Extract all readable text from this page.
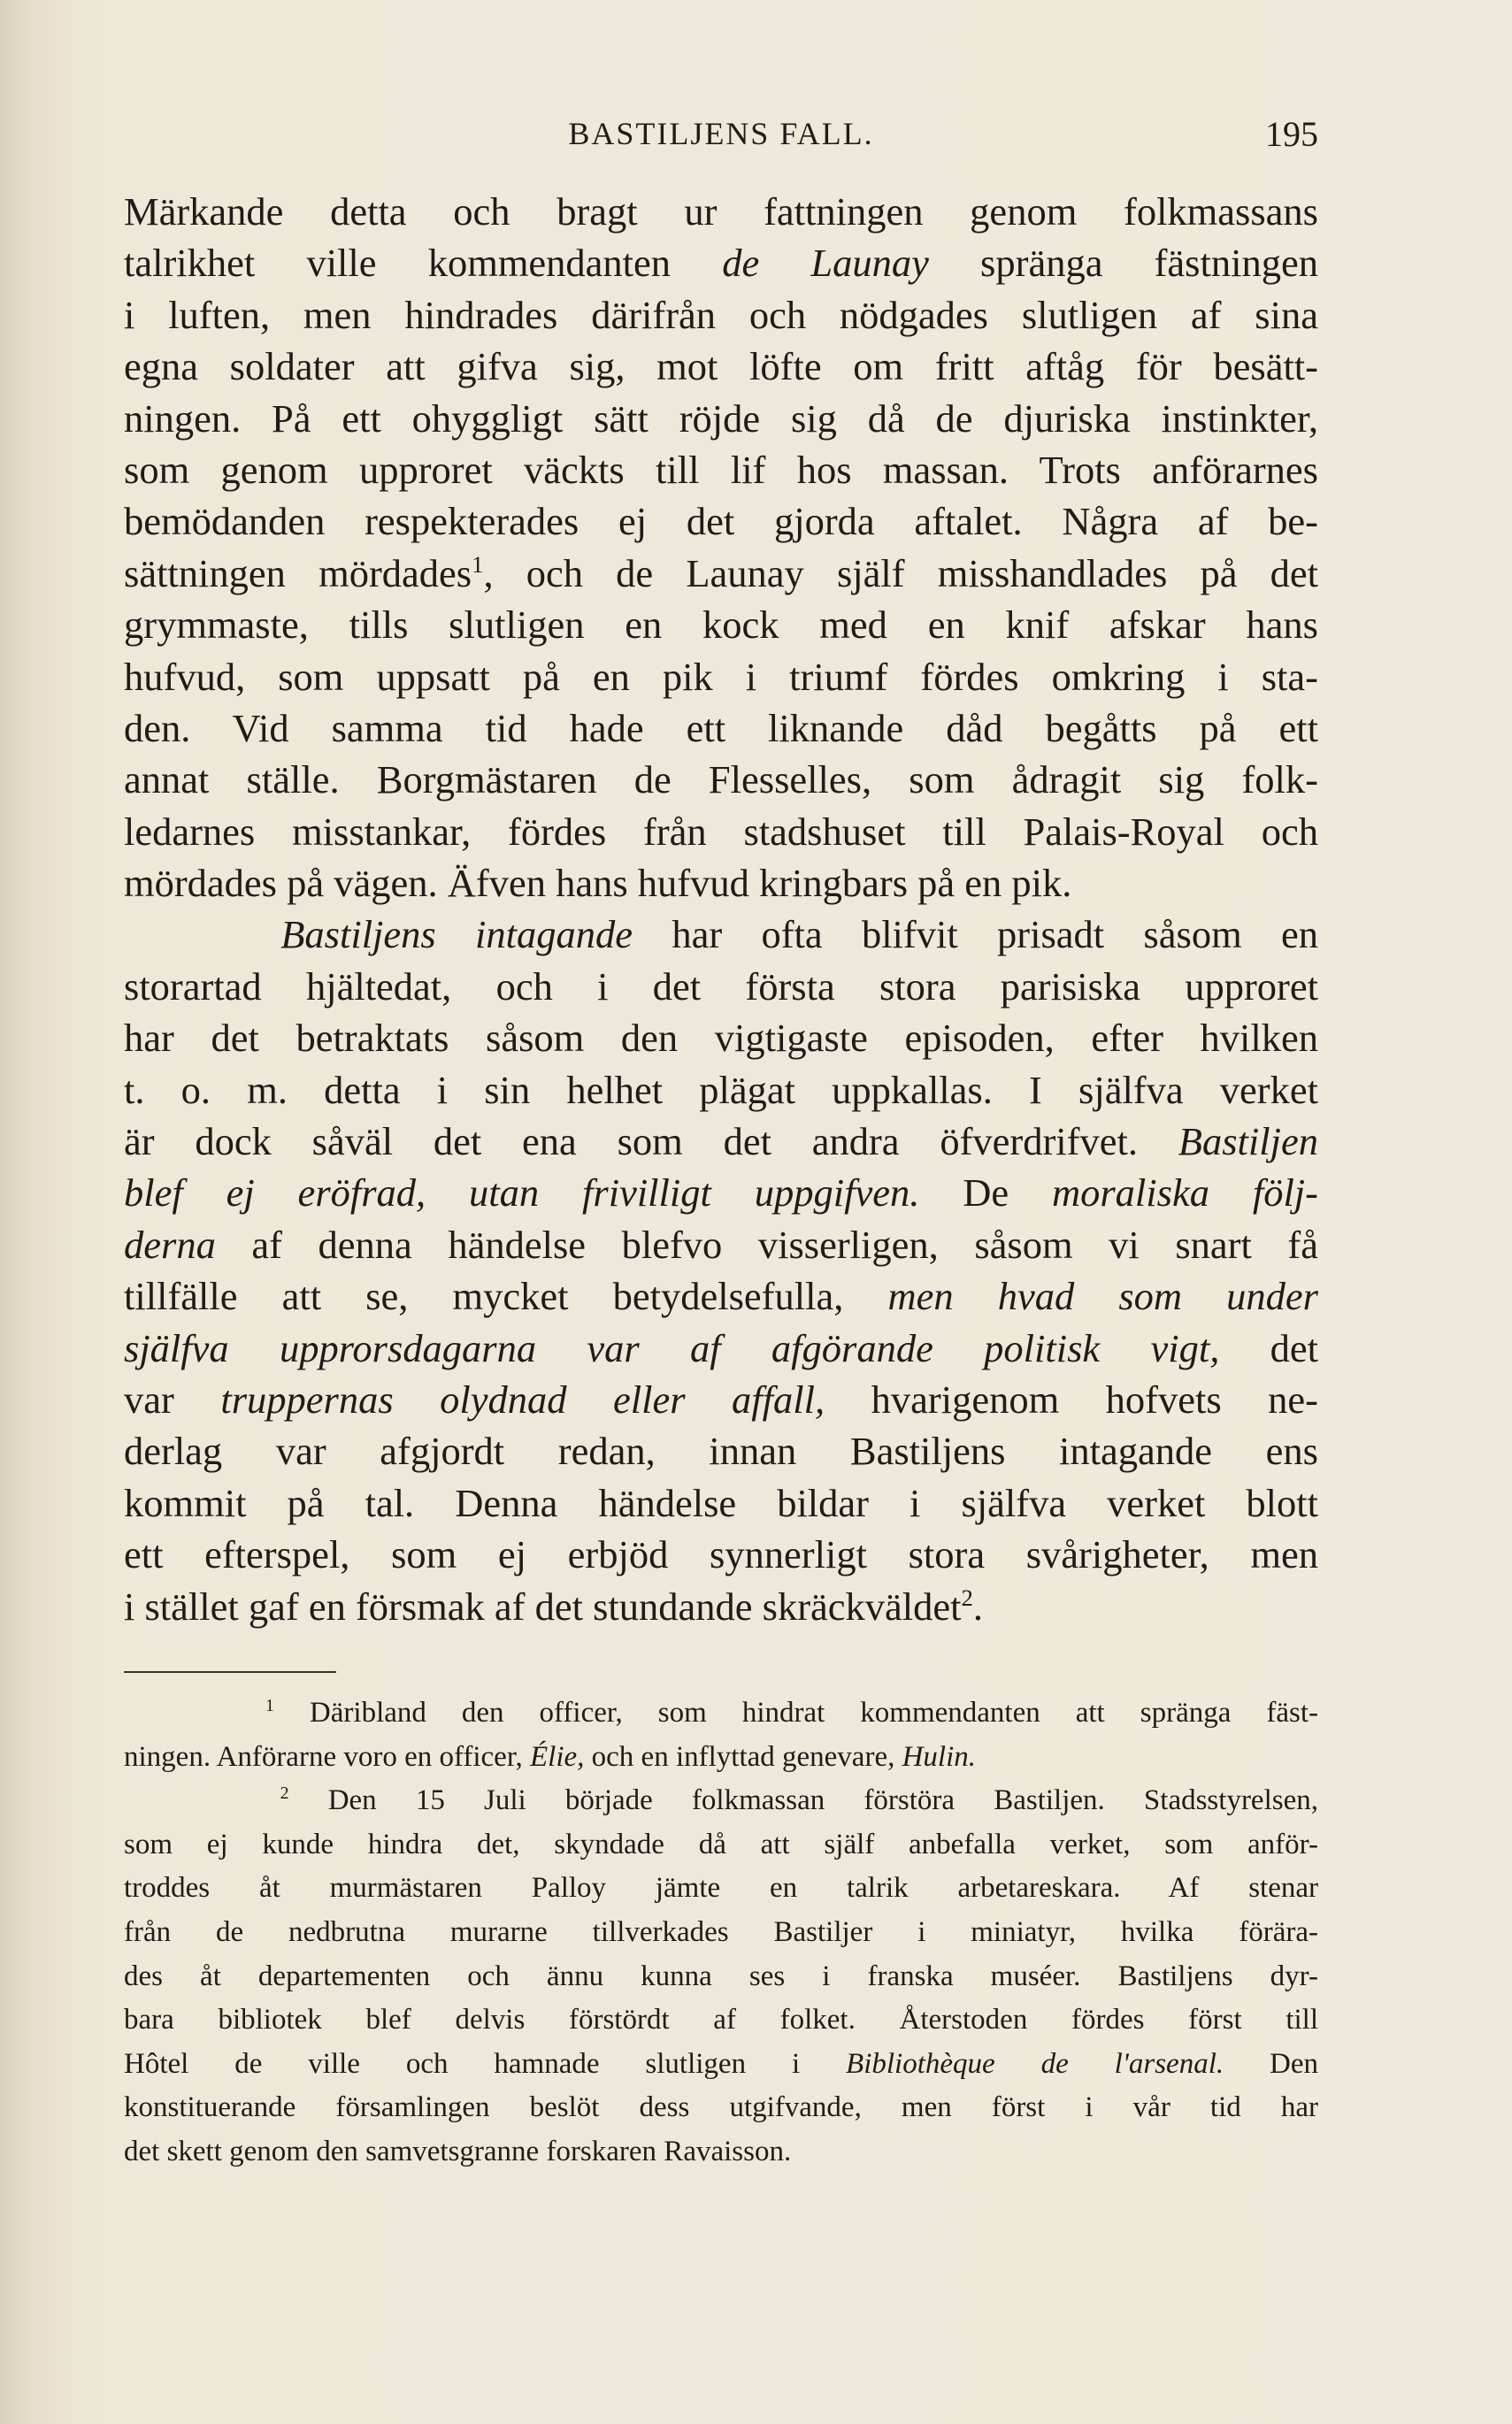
BASTILJENS FALL.	195
Märkande detta och bragt ur fattningen genom folkmassans
talrikhet ville kommendanten de Launay spränga fästningen
i luften, men hindrades därifrån och nödgades slutligen af sina
egna soldater att gifva sig, mot löfte om fritt aftåg för besätt-
ningen. På ett ohyggligt sätt röjde sig då de djuriska instinkter,
som genom upproret väckts till lif hos massan. Trots anförarnes
bemödanden respekterades ej det gjorda aftalet. Några af be-
sättningen mördades$^1$, och de Launay själf misshandlades på det
grymmaste, tills slutligen en kock med en knif afskar hans
hufvud, som uppsatt på en pik i triumf fördes omkring i sta-
den. Vid samma tid hade ett liknande dåd begåtts på ett
annat ställe. Borgmästaren de Flesselles, som ådragit sig folk-
ledarnes misstankar, fördes från stadshuset till Palais-Royal och
mördades på vägen. Äfven hans hufvud kringbars på en pik.
Bastiljens intagande har ofta blifvit prisadt såsom en
storartad hjältedat, och i det första stora parisiska upproret
har det betraktats såsom den vigtigaste episoden, efter hvilken
t. o. m. detta i sin helhet plägat uppkallas. I själfva verket
är dock såväl det ena som det andra öfverdrifvet. Bastiljen
blef ej eröfrad, utan frivilligt uppgifven. De moraliska följ-
derna af denna händelse blefvo visserligen, såsom vi snart få
tillfälle att se, mycket betydelsefulla, men hvad som under
själfva upprorsdagarna var af afgörande politisk vigt, det
var truppernas olydnad eller affall, hvarigenom hofvets ne-
derlag var afgjordt redan, innan Bastiljens intagande ens
kommit på tal. Denna händelse bildar i själfva verket blott
ett efterspel, som ej erbjöd synnerligt stora svårigheter, men
i stället gaf en försmak af det stundande skräckväldet$^2$.
$^1$ Däribland den officer, som hindrat kommendanten att spränga fäst-
ningen. Anförarne voro en officer, Élie, och en inflyttad genevare, Hulin.
$^2$ Den 15 Juli började folkmassan förstöra Bastiljen. Stadsstyrelsen,
som ej kunde hindra det, skyndade då att själf anbefalla verket, som anför-
troddes åt murmästaren Palloy jämte en talrik arbetareskara. Af stenar
från de nedbrutna murarne tillverkades Bastiljer i miniatyr, hvilka förära-
des åt departementen och ännu kunna ses i franska muséer. Bastiljens dyr-
bara bibliotek blef delvis förstördt af folket. Återstoden fördes först till
Hôtel de ville och hamnade slutligen i Bibliothèque de l'arsenal. Den
konstituerande församlingen beslöt dess utgifvande, men först i vår tid har
det skett genom den samvetsgranne forskaren Ravaisson.
